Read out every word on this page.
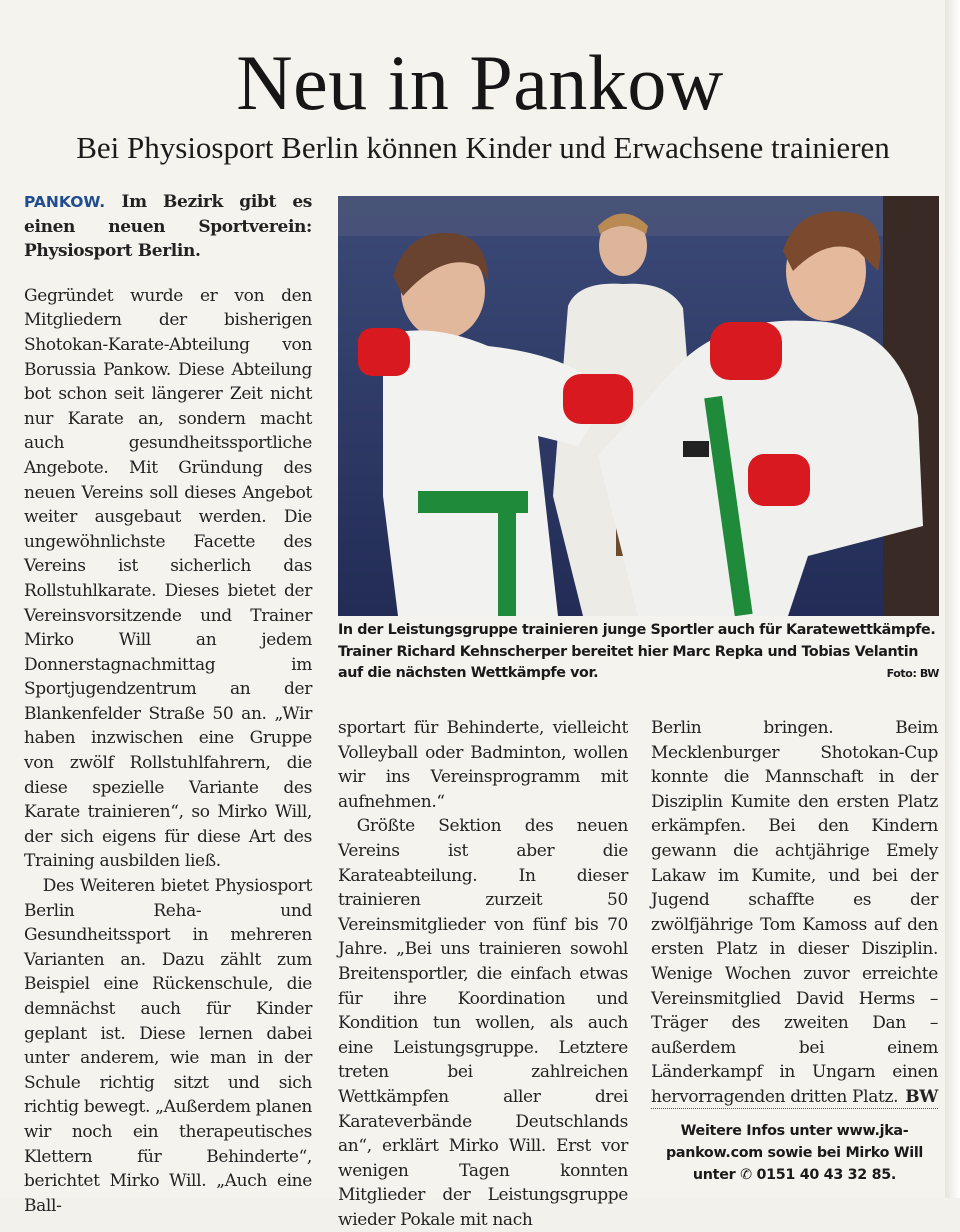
Neu in Pankow
Bei Physiosport Berlin können Kinder und Erwachsene trainieren

PANKOW. Im Bezirk gibt es einen neuen Sportverein: Physiosport Berlin.

Gegründet wurde er von den Mitgliedern der bisherigen Shotokan-Karate-Abteilung von Borussia Pankow. Diese Abteilung bot schon seit längerer Zeit nicht nur Karate an, sondern macht auch gesundheitssportliche Angebote. Mit Gründung des neuen Vereins soll dieses Angebot weiter ausgebaut werden. Die ungewöhnlichste Facette des Vereins ist sicherlich das Rollstuhlkarate. Dieses bietet der Vereinsvorsitzende und Trainer Mirko Will an jedem Donnerstagnachmittag im Sportjugendzentrum an der Blankenfelder Straße 50 an. „Wir haben inzwischen eine Gruppe von zwölf Rollstuhlfahrern, die diese spezielle Variante des Karate trainieren“, so Mirko Will, der sich eigens für diese Art des Training ausbilden ließ.

Des Weiteren bietet Physiosport Berlin Reha- und Gesundheitssport in mehreren Varianten an. Dazu zählt zum Beispiel eine Rückenschule, die demnächst auch für Kinder geplant ist. Diese lernen dabei unter anderem, wie man in der Schule richtig sitzt und sich richtig bewegt. „Außerdem planen wir noch ein therapeutisches Klettern für Behinderte“, berichtet Mirko Will. „Auch eine Ball-

In der Leistungsgruppe trainieren junge Sportler auch für Karatewettkämpfe. Trainer Richard Kehnscherper bereitet hier Marc Repka und Tobias Velantin auf die nächsten Wettkämpfe vor.	Foto: BW

sportart für Behinderte, vielleicht Volleyball oder Badminton, wollen wir ins Vereinsprogramm mit aufnehmen.“

Größte Sektion des neuen Vereins ist aber die Karateabteilung. In dieser trainieren zurzeit 50 Vereinsmitglieder von fünf bis 70 Jahre. „Bei uns trainieren sowohl Breitensportler, die einfach etwas für ihre Koordination und Kondition tun wollen, als auch eine Leistungsgruppe. Letztere treten bei zahlreichen Wettkämpfen aller drei Karateverbände Deutschlands an“, erklärt Mirko Will. Erst vor wenigen Tagen konnten Mitglieder der Leistungsgruppe wieder Pokale mit nach

Berlin bringen. Beim Mecklenburger Shotokan-Cup konnte die Mannschaft in der Disziplin Kumite den ersten Platz erkämpfen. Bei den Kindern gewann die achtjährige Emely Lakaw im Kumite, und bei der Jugend schaffte es der zwölfjährige Tom Kamoss auf den ersten Platz in dieser Disziplin. Wenige Wochen zuvor erreichte Vereinsmitglied David Herms – Träger des zweiten Dan – außerdem bei einem Länderkampf in Ungarn einen hervorragenden dritten Platz. BW

Weitere Infos unter www.jka-pankow.com sowie bei Mirko Will unter ✆ 0151 40 43 32 85.
